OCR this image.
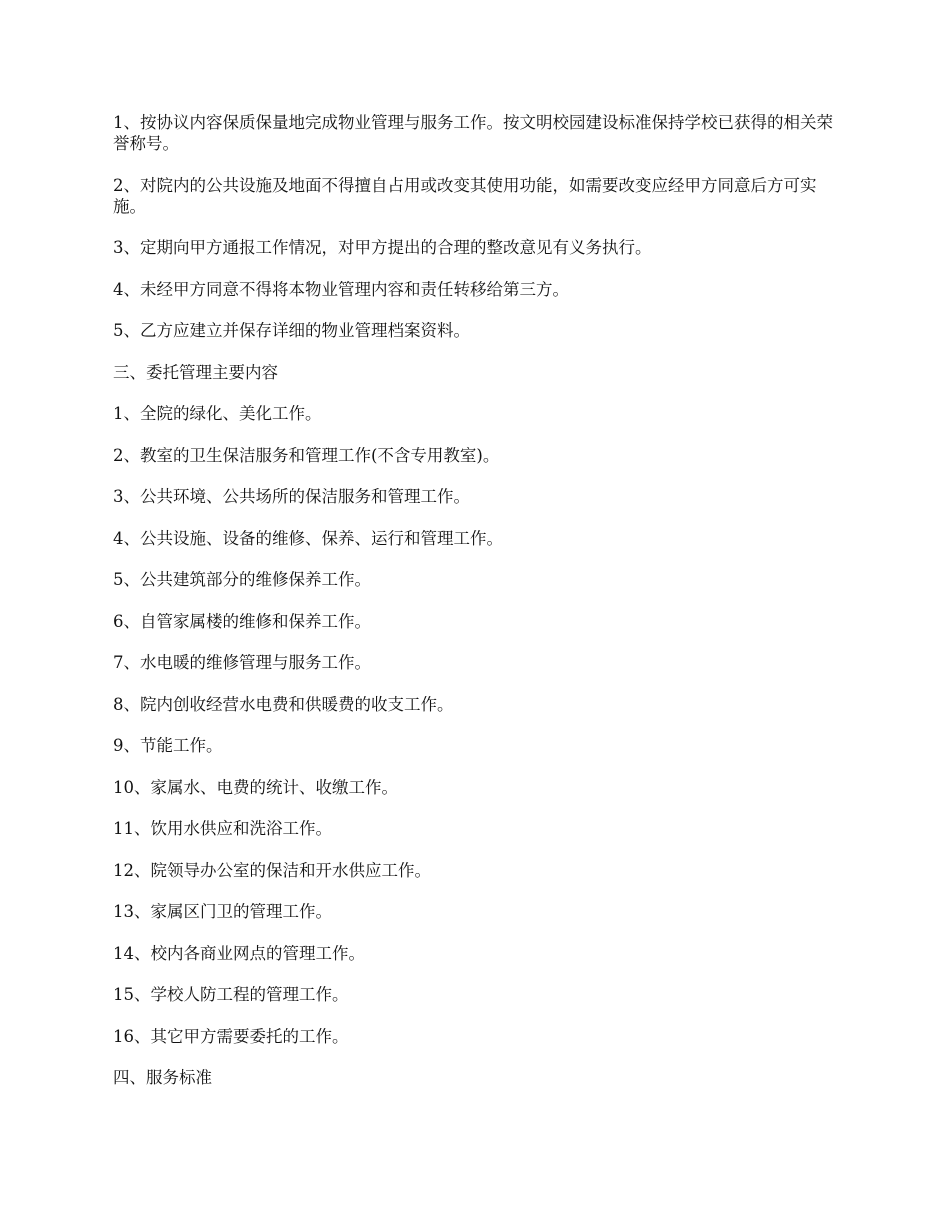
1、按协议内容保质保量地完成物业管理与服务工作。按文明校园建设标准保持学校已获得的相关荣誉称号。

2、对院内的公共设施及地面不得擅自占用或改变其使用功能，如需要改变应经甲方同意后方可实施。

3、定期向甲方通报工作情况，对甲方提出的合理的整改意见有义务执行。

4、未经甲方同意不得将本物业管理内容和责任转移给第三方。

5、乙方应建立并保存详细的物业管理档案资料。

三、委托管理主要内容

1、全院的绿化、美化工作。

2、教室的卫生保洁服务和管理工作(不含专用教室)。

3、公共环境、公共场所的保洁服务和管理工作。

4、公共设施、设备的维修、保养、运行和管理工作。

5、公共建筑部分的维修保养工作。

6、自管家属楼的维修和保养工作。

7、水电暖的维修管理与服务工作。

8、院内创收经营水电费和供暖费的收支工作。

9、节能工作。

10、家属水、电费的统计、收缴工作。

11、饮用水供应和洗浴工作。

12、院领导办公室的保洁和开水供应工作。

13、家属区门卫的管理工作。

14、校内各商业网点的管理工作。

15、学校人防工程的管理工作。

16、其它甲方需要委托的工作。

四、服务标准
